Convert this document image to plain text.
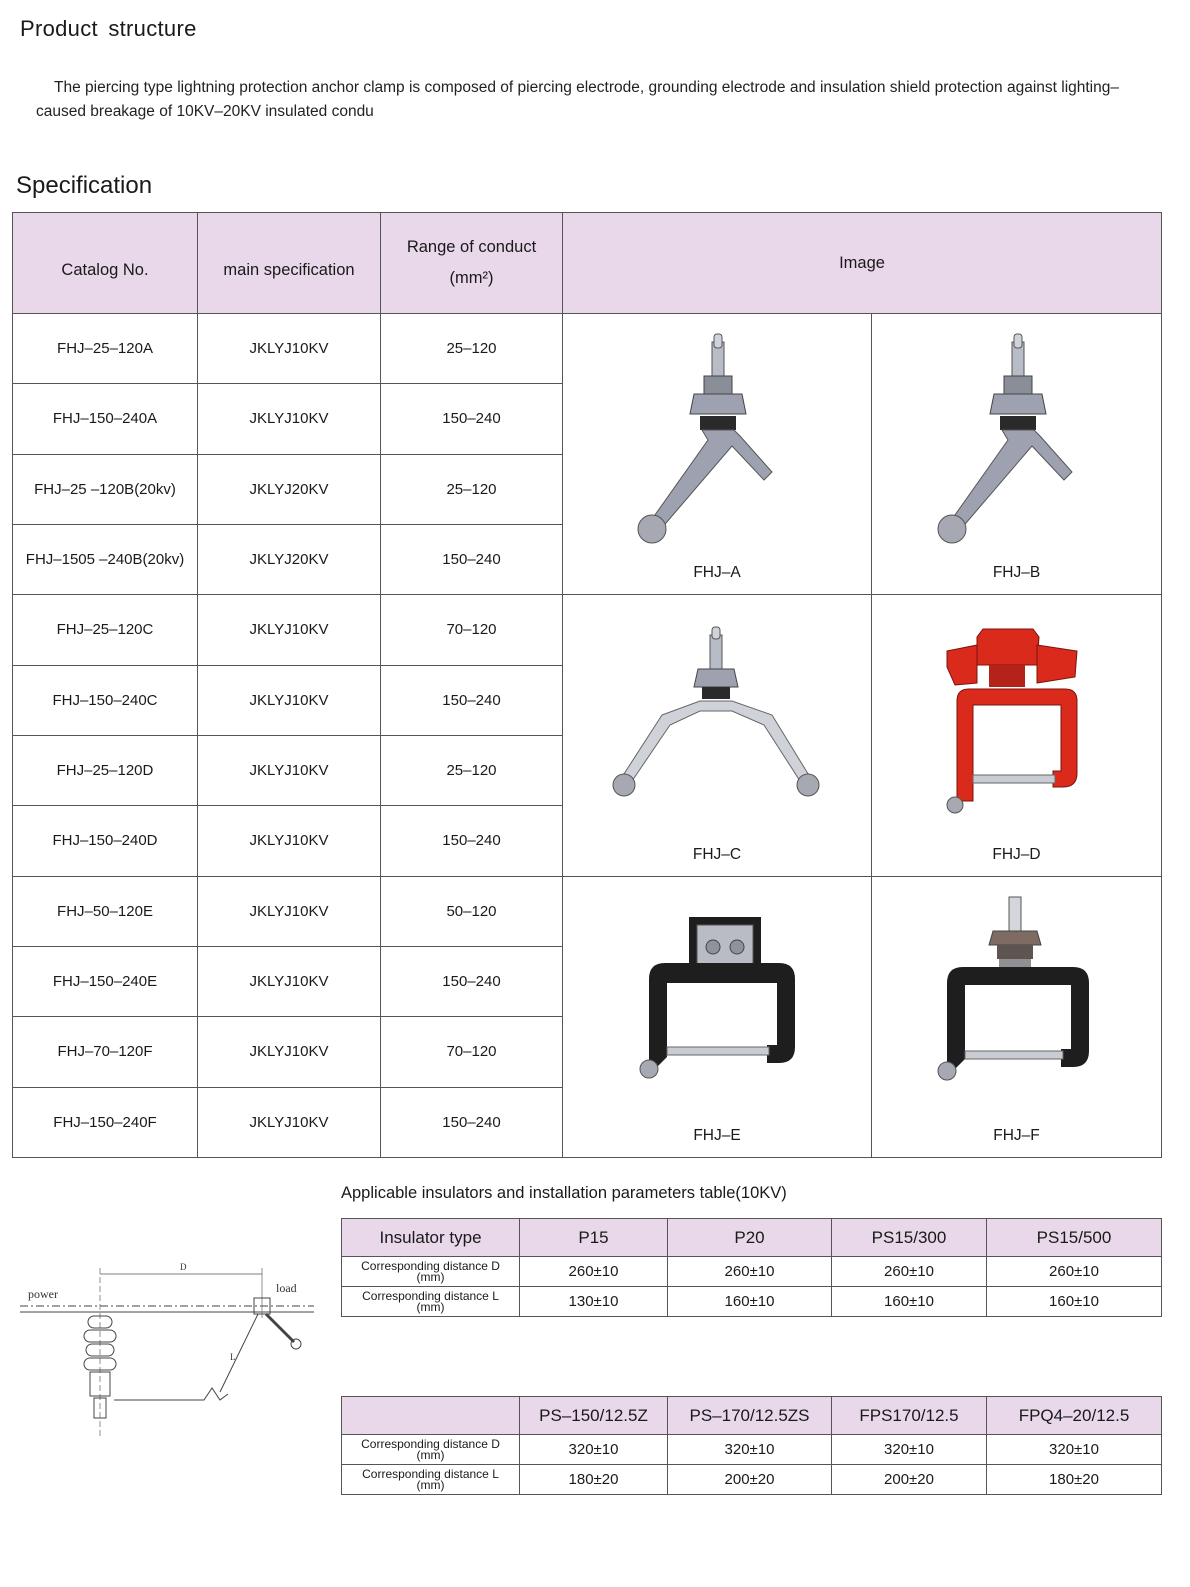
Product structure

The piercing type lightning protection anchor clamp is composed of piercing electrode, grounding electrode and insulation shield protection against lighting–caused breakage of 10KV–20KV insulated condu

Specification
Catalog No.	main specification	Range of conduct
(mm²)	Image	
FHJ–25–120A	JKLYJ10KV	25–120	FHJ–A	FHJ–B

FHJ–150–240A	JKLYJ10KV	150–240		
FHJ–25 –120B(20kv)	JKLYJ20KV	25–120		
FHJ–1505 –240B(20kv)	JKLYJ20KV	150–240		
FHJ–25–120C	JKLYJ10KV	70–120	FHJ–C	FHJ–D

FHJ–150–240C	JKLYJ10KV	150–240		
FHJ–25–120D	JKLYJ10KV	25–120		
FHJ–150–240D	JKLYJ10KV	150–240		
FHJ–50–120E	JKLYJ10KV	50–120	FHJ–E	FHJ–F

FHJ–150–240E	JKLYJ10KV	150–240		
FHJ–70–120F	JKLYJ10KV	70–120		
FHJ–150–240F	JKLYJ10KV	150–240		
power	load
D
L
Applicable insulators and installation parameters table(10KV)
Insulator type	P15	P20	PS15/300	PS15/500
Corresponding distance D
(mm)	260±10	260±10	260±10	260±10
Corresponding distance L
(mm)	130±10	160±10	160±10	160±10
	PS–150/12.5Z	PS–170/12.5ZS	FPS170/12.5	FPQ4–20/12.5
Corresponding distance D
(mm)	320±10	320±10	320±10	320±10
Corresponding distance L
(mm)	180±20	200±20	200±20	180±20
